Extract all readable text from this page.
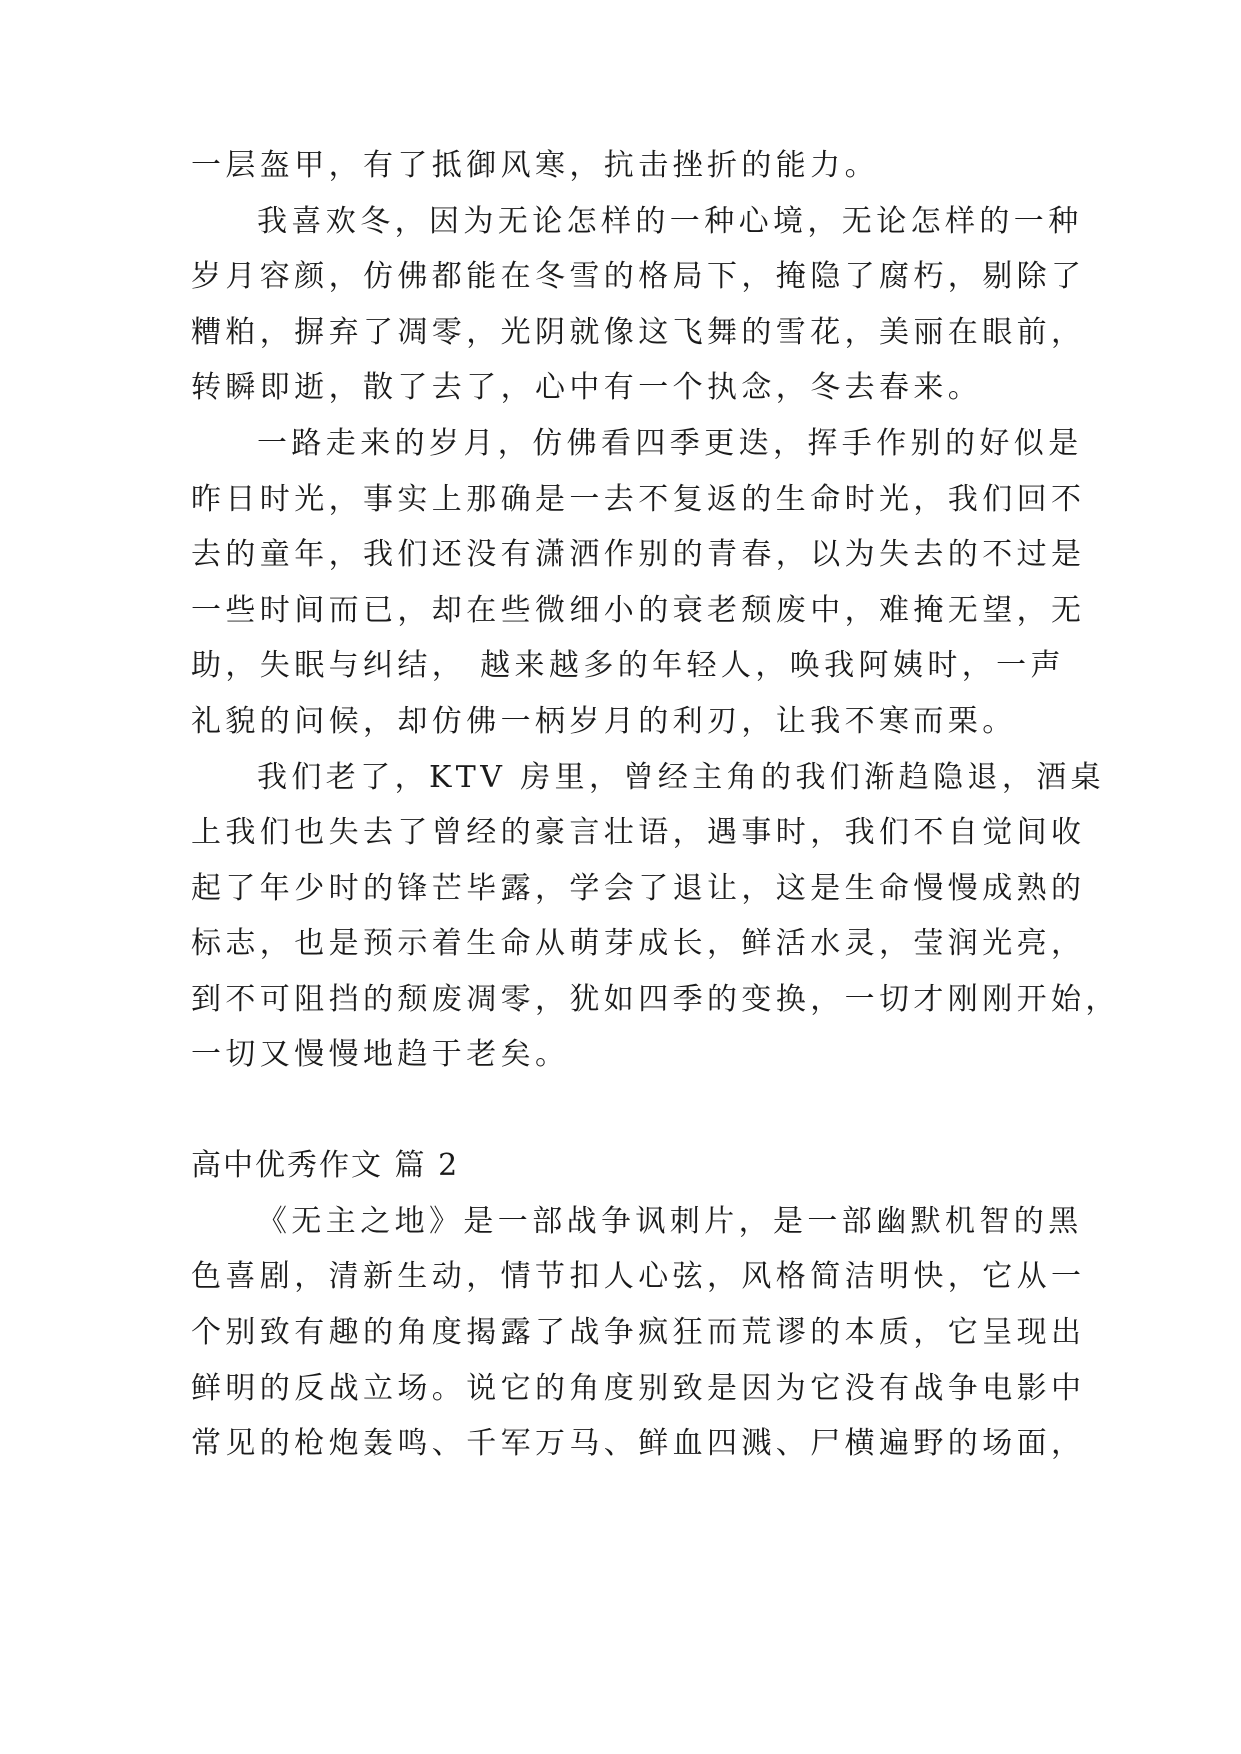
一层盔甲，有了抵御风寒，抗击挫折的能力。
我喜欢冬，因为无论怎样的一种心境，无论怎样的一种
岁月容颜，仿佛都能在冬雪的格局下，掩隐了腐朽，剔除了
糟粕，摒弃了凋零，光阴就像这飞舞的雪花，美丽在眼前，
转瞬即逝，散了去了，心中有一个执念，冬去春来。
一路走来的岁月，仿佛看四季更迭，挥手作别的好似是
昨日时光，事实上那确是一去不复返的生命时光，我们回不
去的童年，我们还没有潇洒作别的青春，以为失去的不过是
一些时间而已，却在些微细小的衰老颓废中，难掩无望，无
助，失眠与纠结， 越来越多的年轻人，唤我阿姨时，一声
礼貌的问候，却仿佛一柄岁月的利刃，让我不寒而栗。
我们老了，KTV 房里，曾经主角的我们渐趋隐退，酒桌
上我们也失去了曾经的豪言壮语，遇事时，我们不自觉间收
起了年少时的锋芒毕露，学会了退让，这是生命慢慢成熟的
标志，也是预示着生命从萌芽成长，鲜活水灵，莹润光亮，
到不可阻挡的颓废凋零，犹如四季的变换，一切才刚刚开始，
一切又慢慢地趋于老矣。
高中优秀作文 篇 2
《无主之地》是一部战争讽刺片，是一部幽默机智的黑
色喜剧，清新生动，情节扣人心弦，风格简洁明快，它从一
个别致有趣的角度揭露了战争疯狂而荒谬的本质，它呈现出
鲜明的反战立场。说它的角度别致是因为它没有战争电影中
常见的枪炮轰鸣、千军万马、鲜血四溅、尸横遍野的场面，
